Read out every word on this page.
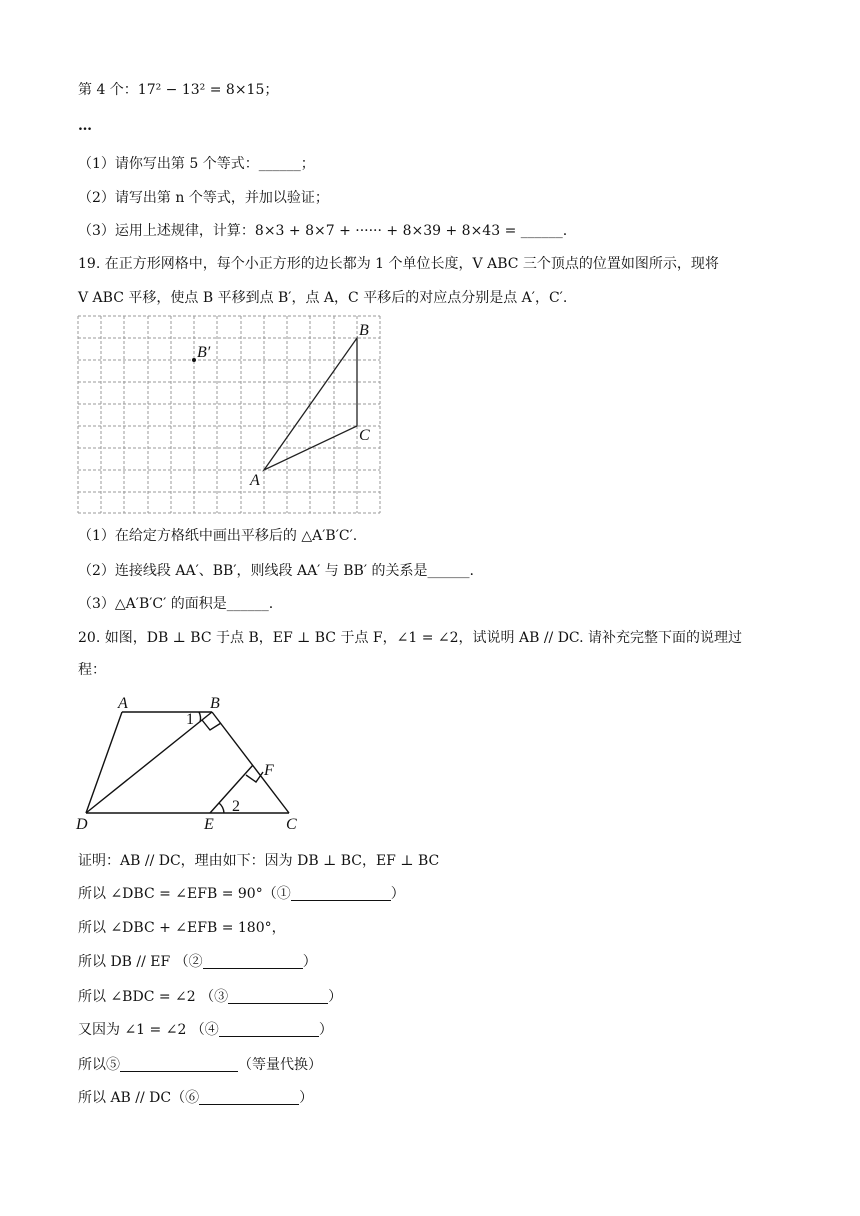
第 4 个：17² − 13² = 8×15；
…
（1）请你写出第 5 个等式：______；
（2）请写出第 n 个等式，并加以验证；
（3）运用上述规律，计算：8×3 + 8×7 + ······ + 8×39 + 8×43 = ______.
19. 在正方形网格中，每个小正方形的边长都为 1 个单位长度，V ABC 三个顶点的位置如图所示，现将
V ABC 平移，使点 B 平移到点 B′，点 A，C 平移后的对应点分别是点 A′，C′.
B
C
A
B′
（1）在给定方格纸中画出平移后的 △A′B′C′.
（2）连接线段 AA′、BB′，则线段 AA′ 与 BB′ 的关系是______.
（3）△A′B′C′ 的面积是______.
20. 如图，DB ⊥ BC 于点 B，EF ⊥ BC 于点 F，∠1 = ∠2，试说明 AB // DC. 请补充完整下面的说理过
程：
A	B
C
D	E
F
1
2
证明：AB // DC，理由如下：因为 DB ⊥ BC，EF ⊥ BC
所以 ∠DBC = ∠EFB = 90°（①	）
所以 ∠DBC + ∠EFB = 180°，
所以 DB // EF （②	）
所以 ∠BDC = ∠2 （③	）
又因为 ∠1 = ∠2 （④	）
所以⑤	（等量代换）
所以 AB // DC（⑥	）
